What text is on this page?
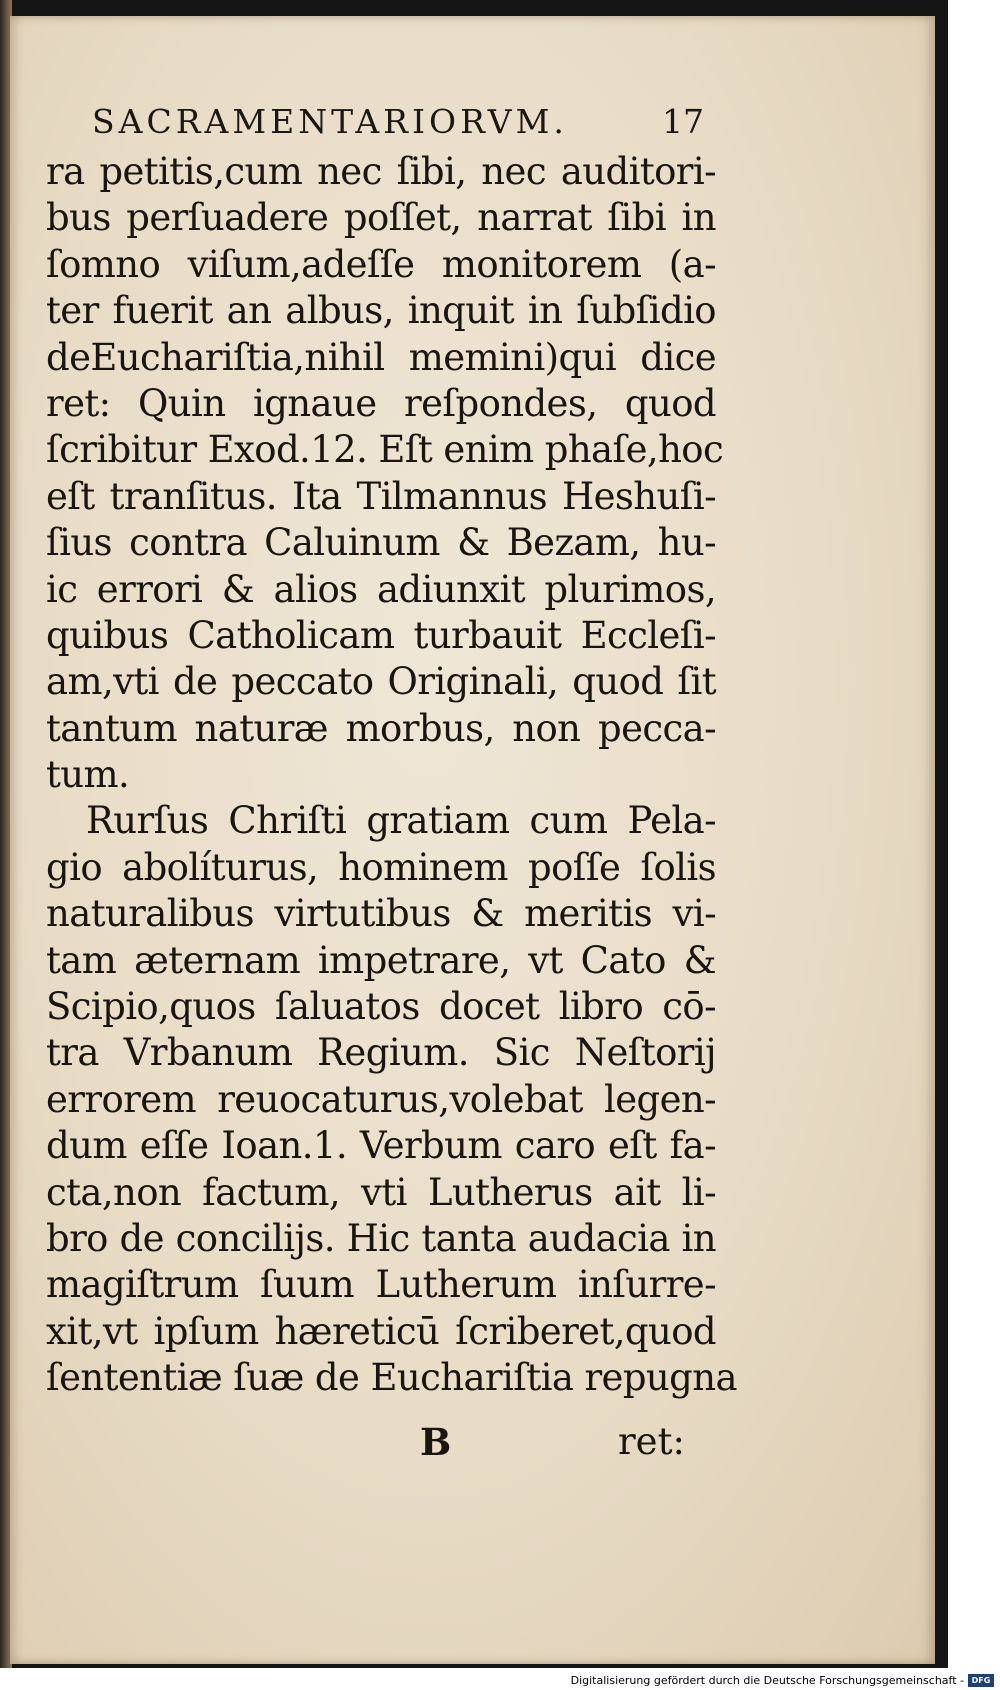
SACRAMENTARIORVM.	17
ra petitis,cum nec ſibi, nec auditori-
bus perſuadere poſſet, narrat ſibi in
ſomno viſum,adeſſe monitorem (a-
ter fuerit an albus, inquit in ſubſidio
deEuchariſtia,nihil memini)qui dice
ret: Quin ignaue reſpondes, quod
ſcribitur Exod.12. Eſt enim phaſe,hoc
eſt tranſitus. Ita Tilmannus Heshuſi-
ſius contra Caluinum & Bezam, hu-
ic errori & alios adiunxit plurimos,
quibus Catholicam turbauit Eccleſi-
am,vti de peccato Originali, quod ſit
tantum naturæ morbus, non pecca-
tum.
Rurſus Chriſti gratiam cum Pela-
gio abolíturus, hominem poſſe ſolis
naturalibus virtutibus & meritis vi-
tam æternam impetrare, vt Cato &
Scipio,quos ſaluatos docet libro cō-
tra Vrbanum Regium. Sic Neſtorij
errorem reuocaturus,volebat legen-
dum eſſe Ioan.1. Verbum caro eſt fa-
cta,non factum, vti Lutherus ait li-
bro de concilijs. Hic tanta audacia in
magiſtrum ſuum Lutherum inſurre-
xit,vt ipſum hæreticū ſcriberet,quod
ſententiæ ſuæ de Euchariſtia repugna
B	ret:
Digitalisierung gefördert durch die Deutsche Forschungsgemeinschaft - DFG
